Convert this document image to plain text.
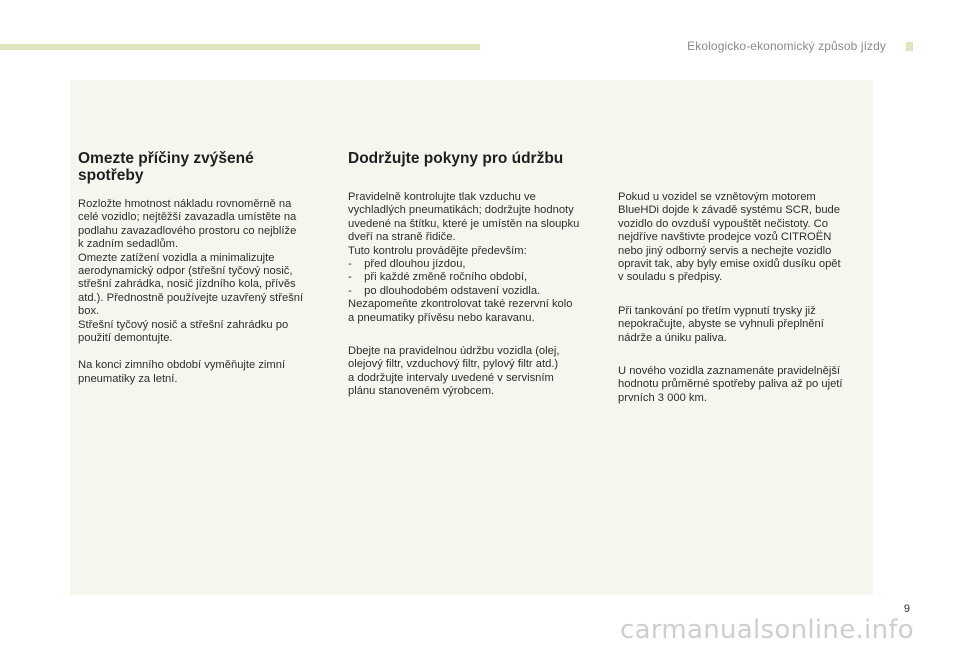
Ekologicko-ekonomický způsob jízdy
Omezte příčiny zvýšené
spotřeby

Rozložte hmotnost nákladu rovnoměrně na
celé vozidlo; nejtěžší zavazadla umístěte na
podlahu zavazadlového prostoru co nejblíže
k zadním sedadlům.
Omezte zatížení vozidla a minimalizujte
aerodynamický odpor (střešní tyčový nosič,
střešní zahrádka, nosič jízdního kola, přívěs
atd.). Přednostně používejte uzavřený střešní
box.
Střešní tyčový nosič a střešní zahrádku po
použití demontujte.

Na konci zimního období vyměňujte zimní
pneumatiky za letní.

Dodržujte pokyny pro údržbu

Pravidelně kontrolujte tlak vzduchu ve
vychladlých pneumatikách; dodržujte hodnoty
uvedené na štítku, které je umístěn na sloupku
dveří na straně řidiče.
Tuto kontrolu provádějte především:
-    před dlouhou jízdou,
-    při každé změně ročního období,
-    po dlouhodobém odstavení vozidla.
Nezapomeňte zkontrolovat také rezervní kolo
a pneumatiky přívěsu nebo karavanu.

Dbejte na pravidelnou údržbu vozidla (olej,
olejový filtr, vzduchový filtr, pylový filtr atd.)
a dodržujte intervaly uvedené v servisním
plánu stanoveném výrobcem.

Pokud u vozidel se vznětovým motorem
BlueHDi dojde k závadě systému SCR, bude
vozidlo do ovzduší vypouštět nečistoty. Co
nejdříve navštivte prodejce vozů CITROËN
nebo jiný odborný servis a nechejte vozidlo
opravit tak, aby byly emise oxidů dusíku opět
v souladu s předpisy.

Při tankování po třetím vypnutí trysky již
nepokračujte, abyste se vyhnuli přeplnění
nádrže a úniku paliva.

U nového vozidla zaznamenáte pravidelnější
hodnotu průměrné spotřeby paliva až po ujetí
prvních 3 000 km.

9
carmanualsonline.info
